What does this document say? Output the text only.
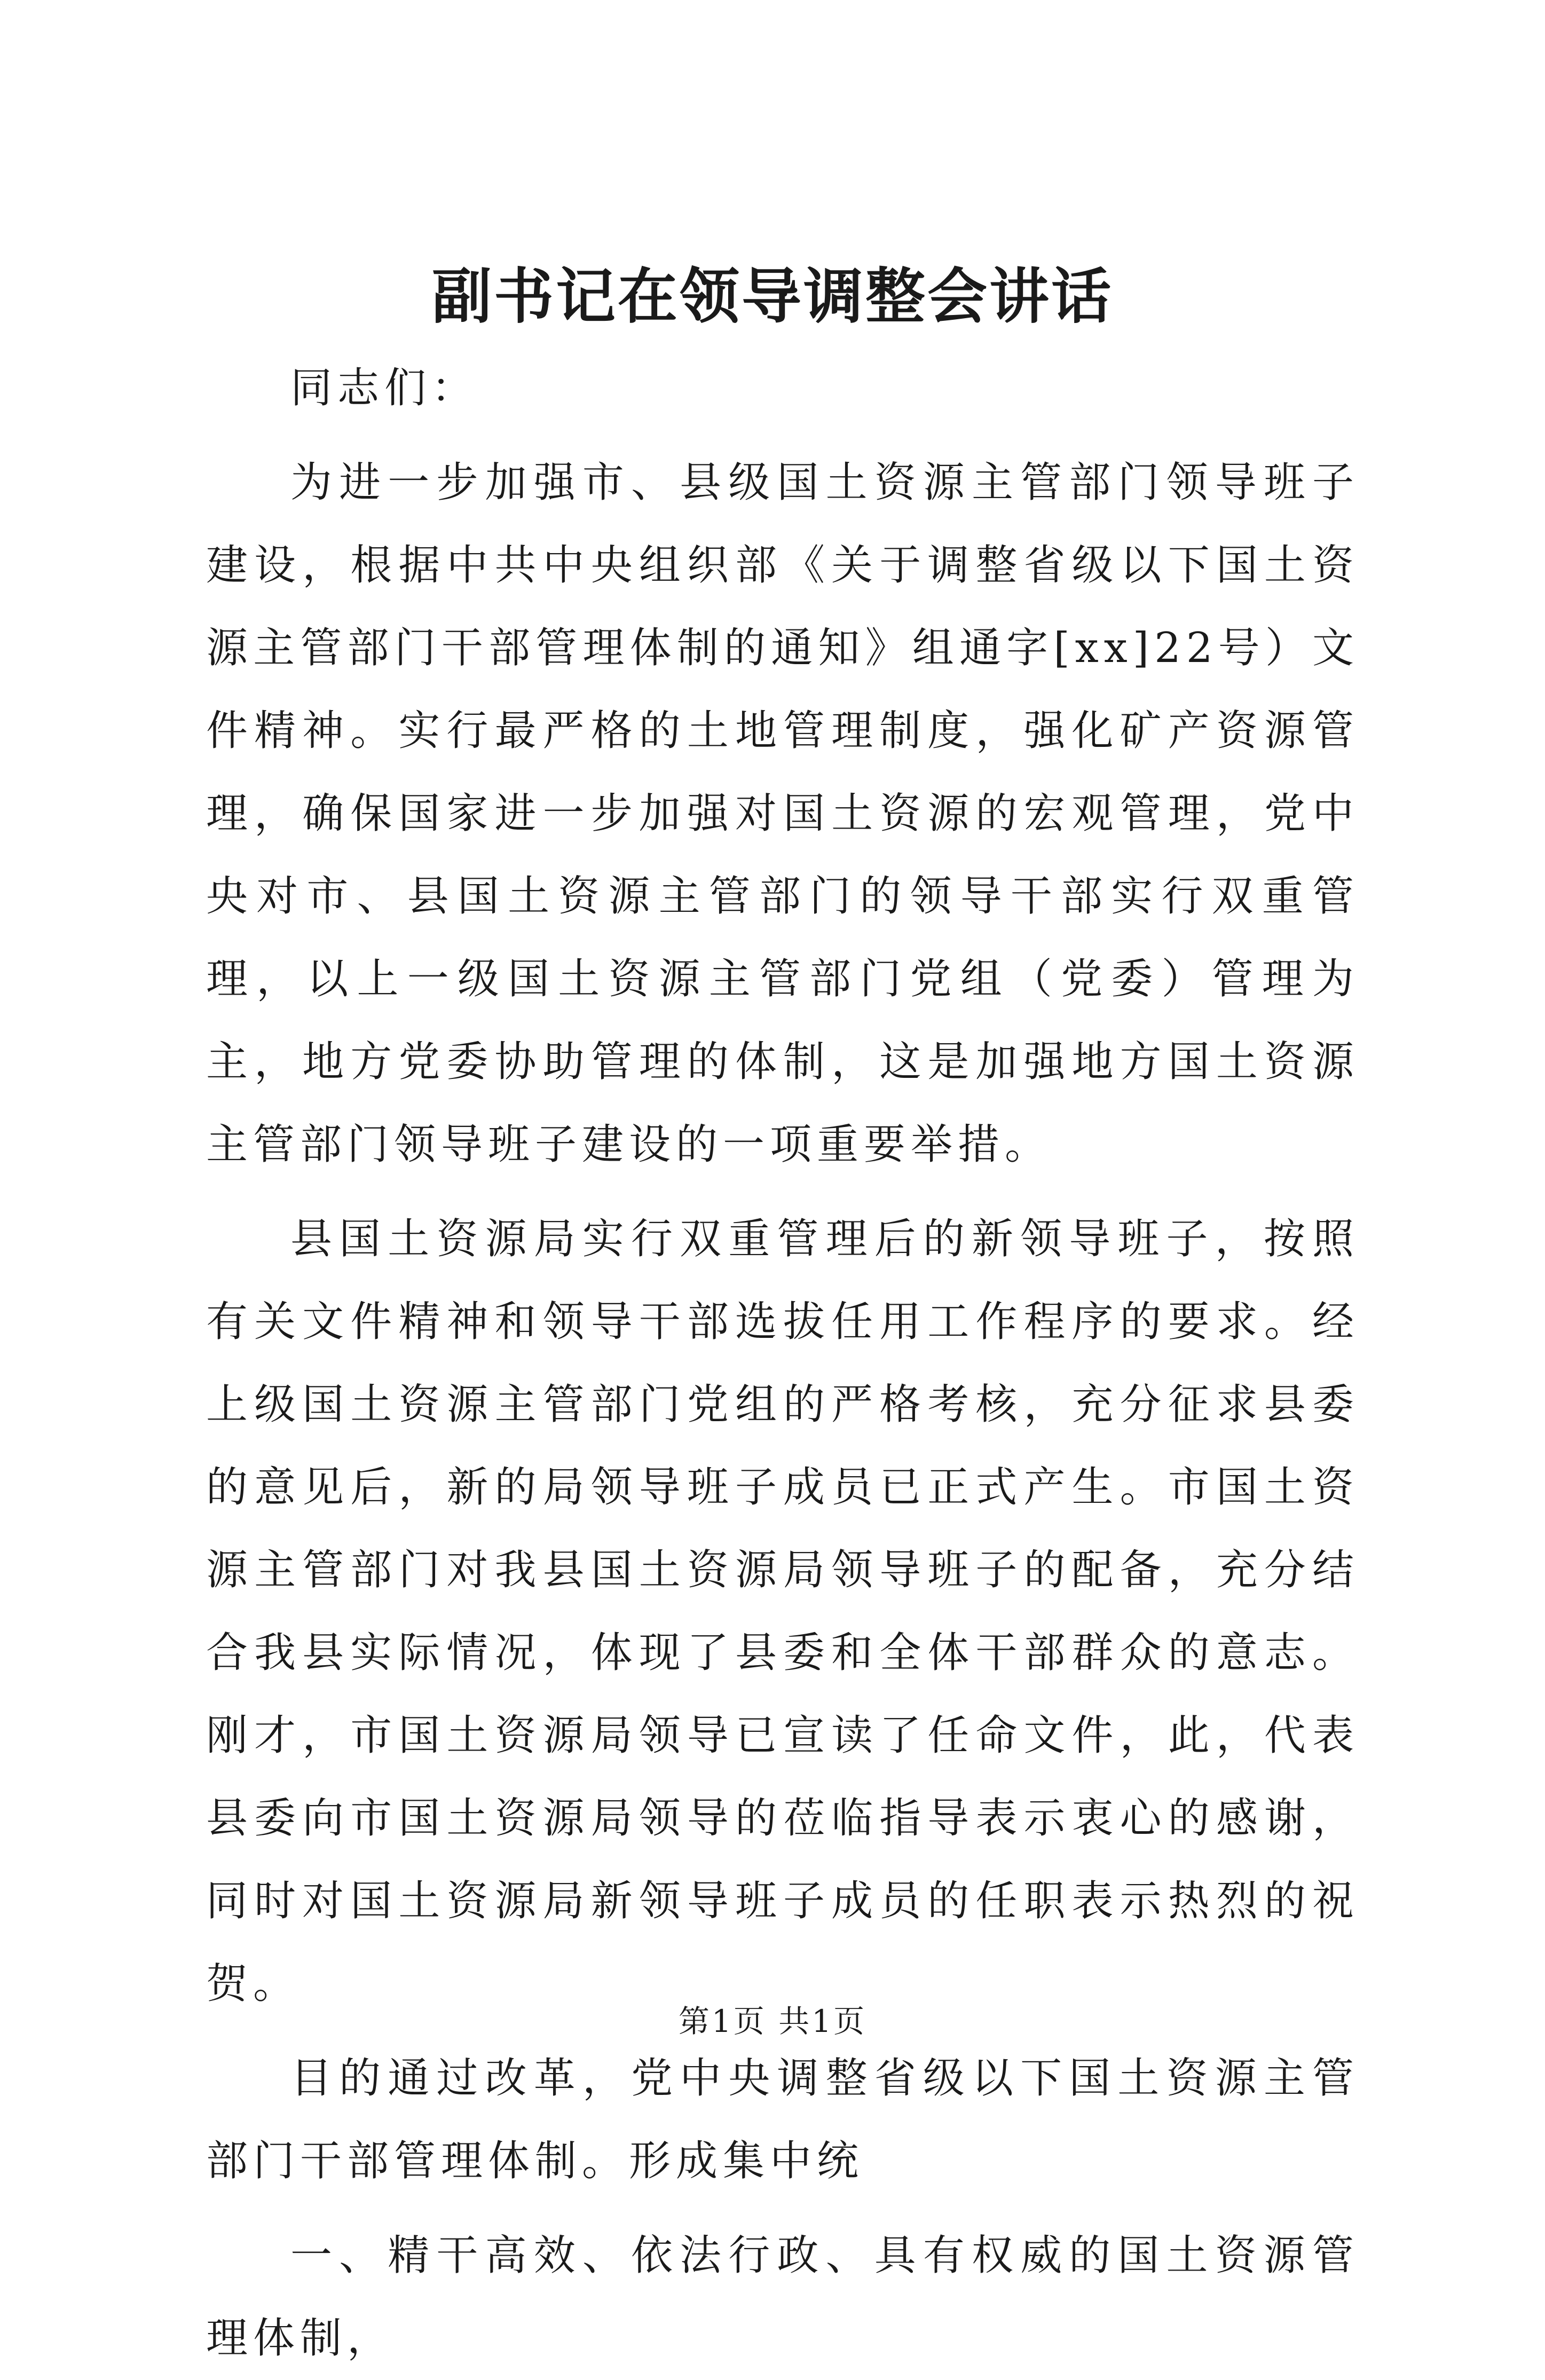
副书记在领导调整会讲话

同志们：

为进一步加强市、县级国土资源主管部门领导班子建设，根据中共中央组织部《关于调整省级以下国土资源主管部门干部管理体制的通知》组通字[xx]22号）文件精神。实行最严格的土地管理制度，强化矿产资源管理，确保国家进一步加强对国土资源的宏观管理，党中央对市、县国土资源主管部门的领导干部实行双重管理，以上一级国土资源主管部门党组（党委）管理为主，地方党委协助管理的体制，这是加强地方国土资源主管部门领导班子建设的一项重要举措。

县国土资源局实行双重管理后的新领导班子，按照有关文件精神和领导干部选拔任用工作程序的要求。经上级国土资源主管部门党组的严格考核，充分征求县委的意见后，新的局领导班子成员已正式产生。市国土资源主管部门对我县国土资源局领导班子的配备，充分结合我县实际情况，体现了县委和全体干部群众的意志。刚才，市国土资源局领导已宣读了任命文件，此，代表县委向市国土资源局领导的莅临指导表示衷心的感谢，同时对国土资源局新领导班子成员的任职表示热烈的祝贺。

目的通过改革，党中央调整省级以下国土资源主管部门干部管理体制。形成集中统

一、精干高效、依法行政、具有权威的国土资源管理体制，

第1页 共1页
